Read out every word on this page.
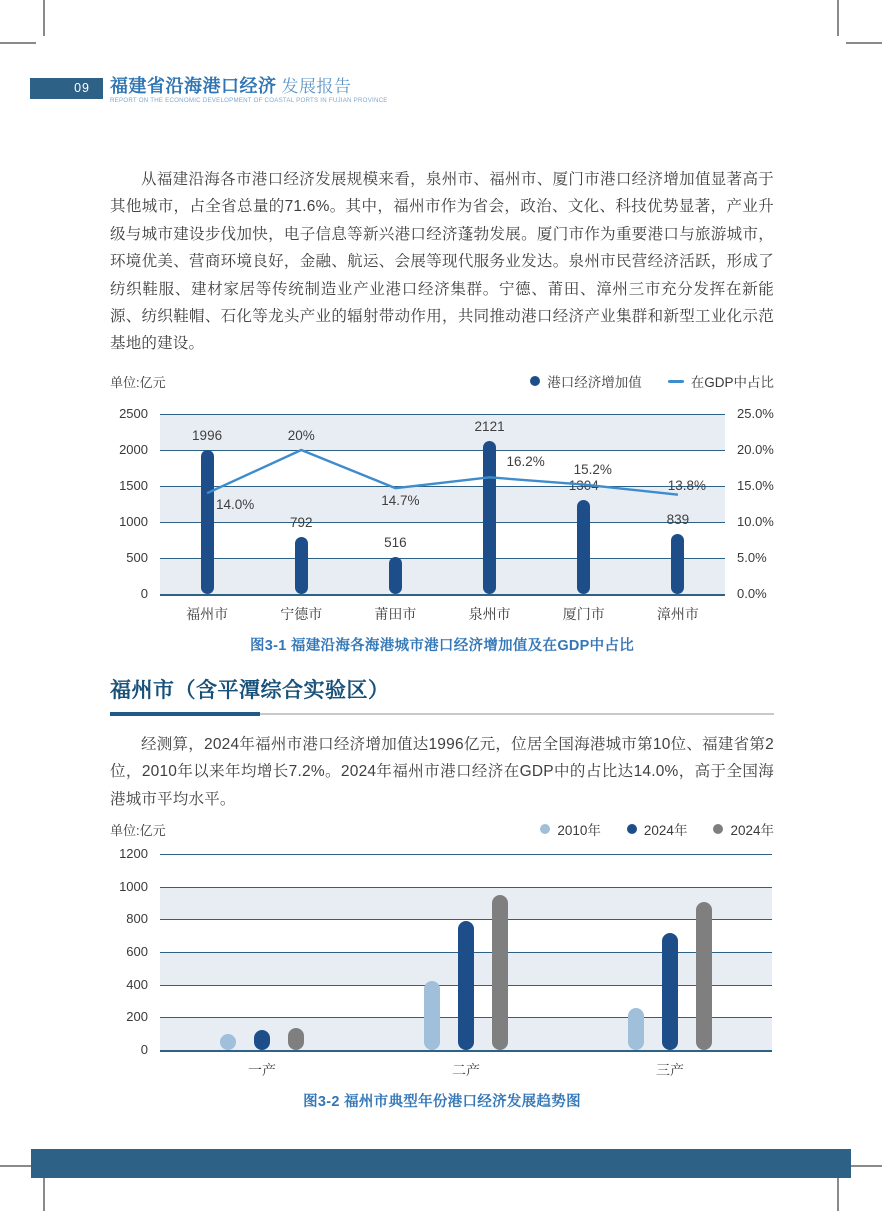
09	福建省沿海港口经济 发展报告
REPORT ON THE ECONOMIC DEVELOPMENT OF COASTAL PORTS IN FUJIAN PROVINCE
从福建沿海各市港口经济发展规模来看，泉州市、福州市、厦门市港口经济增加值显著高于其他城市，占全省总量的71.6%。其中，福州市作为省会，政治、文化、科技优势显著，产业升级与城市建设步伐加快，电子信息等新兴港口经济蓬勃发展。厦门市作为重要港口与旅游城市，环境优美、营商环境良好，金融、航运、会展等现代服务业发达。泉州市民营经济活跃，形成了纺织鞋服、建材家居等传统制造业产业港口经济集群。宁德、莆田、漳州三市充分发挥在新能源、纺织鞋帽、石化等龙头产业的辐射带动作用，共同推动港口经济产业集群和新型工业化示范基地的建设。
单位:亿元	港口经济增加值	在GDP中占比
1996
792
516
2121
1304
839
14.0%
20%
14.7%
16.2%	15.2%
13.8%
2500
2000
1500
1000
500
0
25.0%
20.0%
15.0%
10.0%
5.0%
0.0%
福州市	宁德市	莆田市	泉州市	厦门市	漳州市
图3-1 福建沿海各海港城市港口经济增加值及在GDP中占比
福州市（含平潭综合实验区）
经测算，2024年福州市港口经济增加值达1996亿元，位居全国海港城市第10位、福建省第2位，2010年以来年均增长7.2%。2024年福州市港口经济在GDP中的占比达14.0%，高于全国海港城市平均水平。
单位:亿元	2010年	2024年	2024年
1200
1000
800
600
400
200
0
一产	二产	三产
图3-2 福州市典型年份港口经济发展趋势图
